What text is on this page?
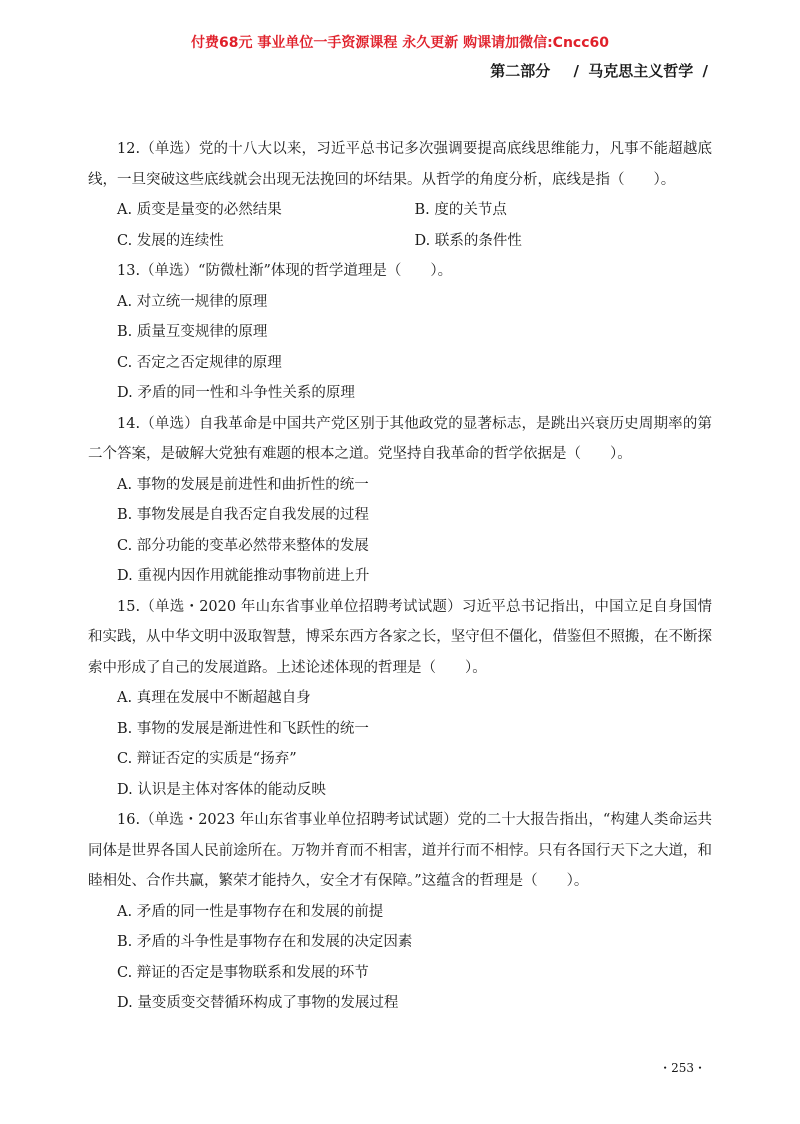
付费68元 事业单位一手资源课程 永久更新 购课请加微信:Cncc60
第二部分 / 马克思主义哲学 /

12.（单选）党的十八大以来，习近平总书记多次强调要提高底线思维能力，凡事不能超越底线，一旦突破这些底线就会出现无法挽回的坏结果。从哲学的角度分析，底线是指（　　）。

A. 质变是量变的必然结果	B. 度的关节点

C. 发展的连续性	D. 联系的条件性

13.（单选）“防微杜渐”体现的哲学道理是（　　）。

A. 对立统一规律的原理

B. 质量互变规律的原理

C. 否定之否定规律的原理

D. 矛盾的同一性和斗争性关系的原理

14.（单选）自我革命是中国共产党区别于其他政党的显著标志，是跳出兴衰历史周期率的第二个答案，是破解大党独有难题的根本之道。党坚持自我革命的哲学依据是（　　）。

A. 事物的发展是前进性和曲折性的统一

B. 事物发展是自我否定自我发展的过程

C. 部分功能的变革必然带来整体的发展

D. 重视内因作用就能推动事物前进上升

15.（单选・2020 年山东省事业单位招聘考试试题）习近平总书记指出，中国立足自身国情和实践，从中华文明中汲取智慧，博采东西方各家之长，坚守但不僵化，借鉴但不照搬，在不断探索中形成了自己的发展道路。上述论述体现的哲理是（　　）。

A. 真理在发展中不断超越自身

B. 事物的发展是渐进性和飞跃性的统一

C. 辩证否定的实质是“扬弃”

D. 认识是主体对客体的能动反映

16.（单选・2023 年山东省事业单位招聘考试试题）党的二十大报告指出，“构建人类命运共同体是世界各国人民前途所在。万物并育而不相害，道并行而不相悖。只有各国行天下之大道，和睦相处、合作共赢，繁荣才能持久，安全才有保障。”这蕴含的哲理是（　　）。

A. 矛盾的同一性是事物存在和发展的前提

B. 矛盾的斗争性是事物存在和发展的决定因素

C. 辩证的否定是事物联系和发展的环节

D. 量变质变交替循环构成了事物的发展过程

・253・
